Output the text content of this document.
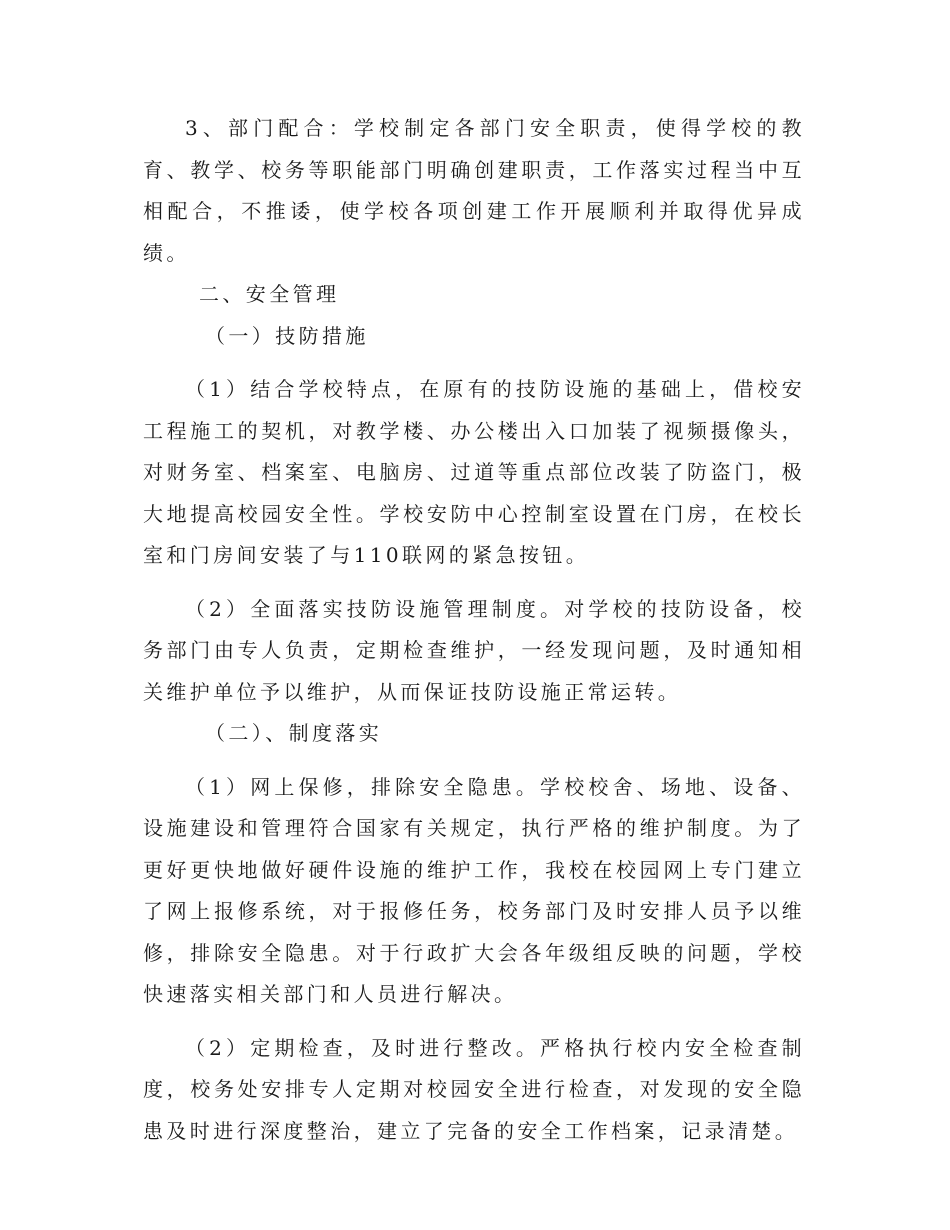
3、部门配合：学校制定各部门安全职责，使得学校的教育、教学、校务等职能部门明确创建职责，工作落实过程当中互相配合，不推诿，使学校各项创建工作开展顺利并取得优异成绩。

二、安全管理

（一）技防措施

（1）结合学校特点，在原有的技防设施的基础上，借校安工程施工的契机，对教学楼、办公楼出入口加装了视频摄像头，对财务室、档案室、电脑房、过道等重点部位改装了防盗门，极大地提高校园安全性。学校安防中心控制室设置在门房，在校长室和门房间安装了与110联网的紧急按钮。

（2）全面落实技防设施管理制度。对学校的技防设备，校务部门由专人负责，定期检查维护，一经发现问题，及时通知相关维护单位予以维护，从而保证技防设施正常运转。

（二）、制度落实

（1）网上保修，排除安全隐患。学校校舍、场地、设备、设施建设和管理符合国家有关规定，执行严格的维护制度。为了更好更快地做好硬件设施的维护工作，我校在校园网上专门建立了网上报修系统，对于报修任务，校务部门及时安排人员予以维修，排除安全隐患。对于行政扩大会各年级组反映的问题，学校快速落实相关部门和人员进行解决。

（2）定期检查，及时进行整改。严格执行校内安全检查制度，校务处安排专人定期对校园安全进行检查，对发现的安全隐患及时进行深度整治，建立了完备的安全工作档案，记录清楚。
